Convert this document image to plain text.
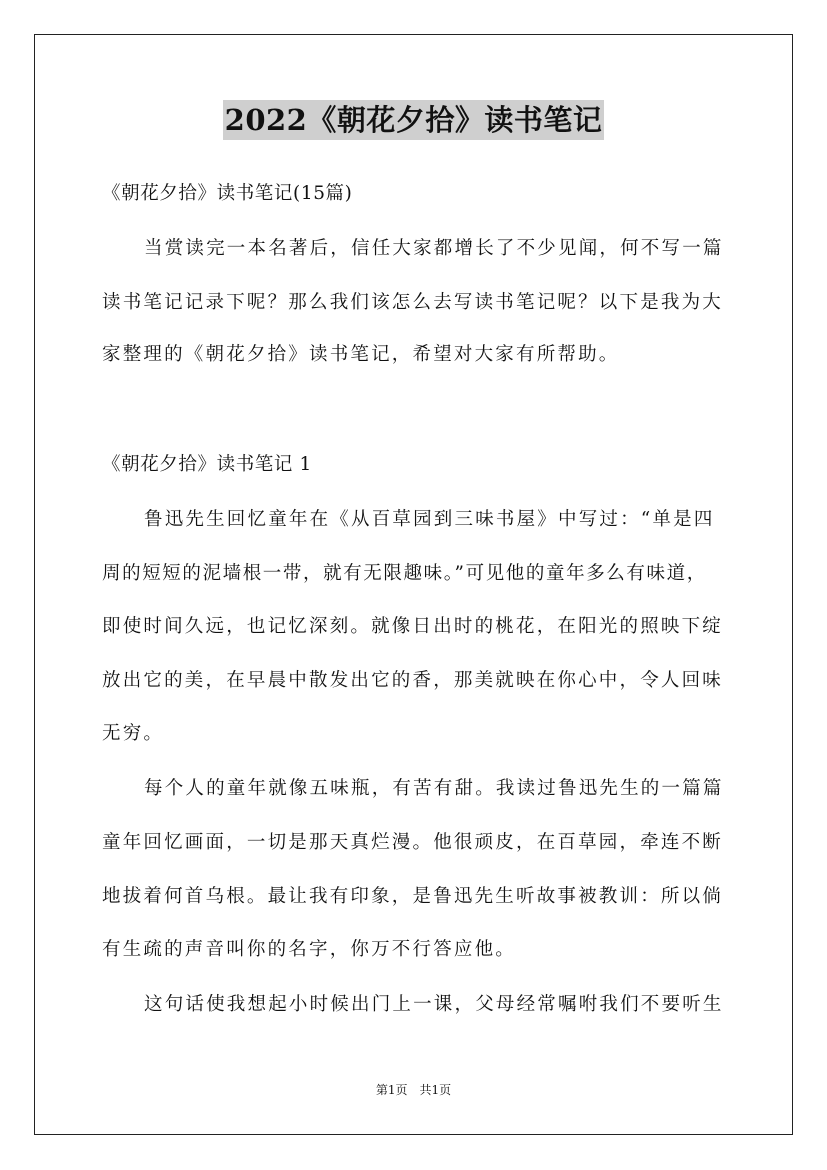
2022《朝花夕拾》读书笔记
《朝花夕拾》读书笔记(15篇)
当赏读完一本名著后，信任大家都增长了不少见闻，何不写一篇
读书笔记记录下呢？那么我们该怎么去写读书笔记呢？以下是我为大
家整理的《朝花夕拾》读书笔记，希望对大家有所帮助。
《朝花夕拾》读书笔记 1
鲁迅先生回忆童年在《从百草园到三味书屋》中写过：“单是四
周的短短的泥墙根一带，就有无限趣味。”可见他的童年多么有味道，
即使时间久远，也记忆深刻。就像日出时的桃花，在阳光的照映下绽
放出它的美，在早晨中散发出它的香，那美就映在你心中，令人回味
无穷。
每个人的童年就像五味瓶，有苦有甜。我读过鲁迅先生的一篇篇
童年回忆画面，一切是那天真烂漫。他很顽皮，在百草园，牵连不断
地拔着何首乌根。最让我有印象，是鲁迅先生听故事被教训：所以倘
有生疏的声音叫你的名字，你万不行答应他。
这句话使我想起小时候出门上一课，父母经常嘱咐我们不要听生
第1页　共1页
